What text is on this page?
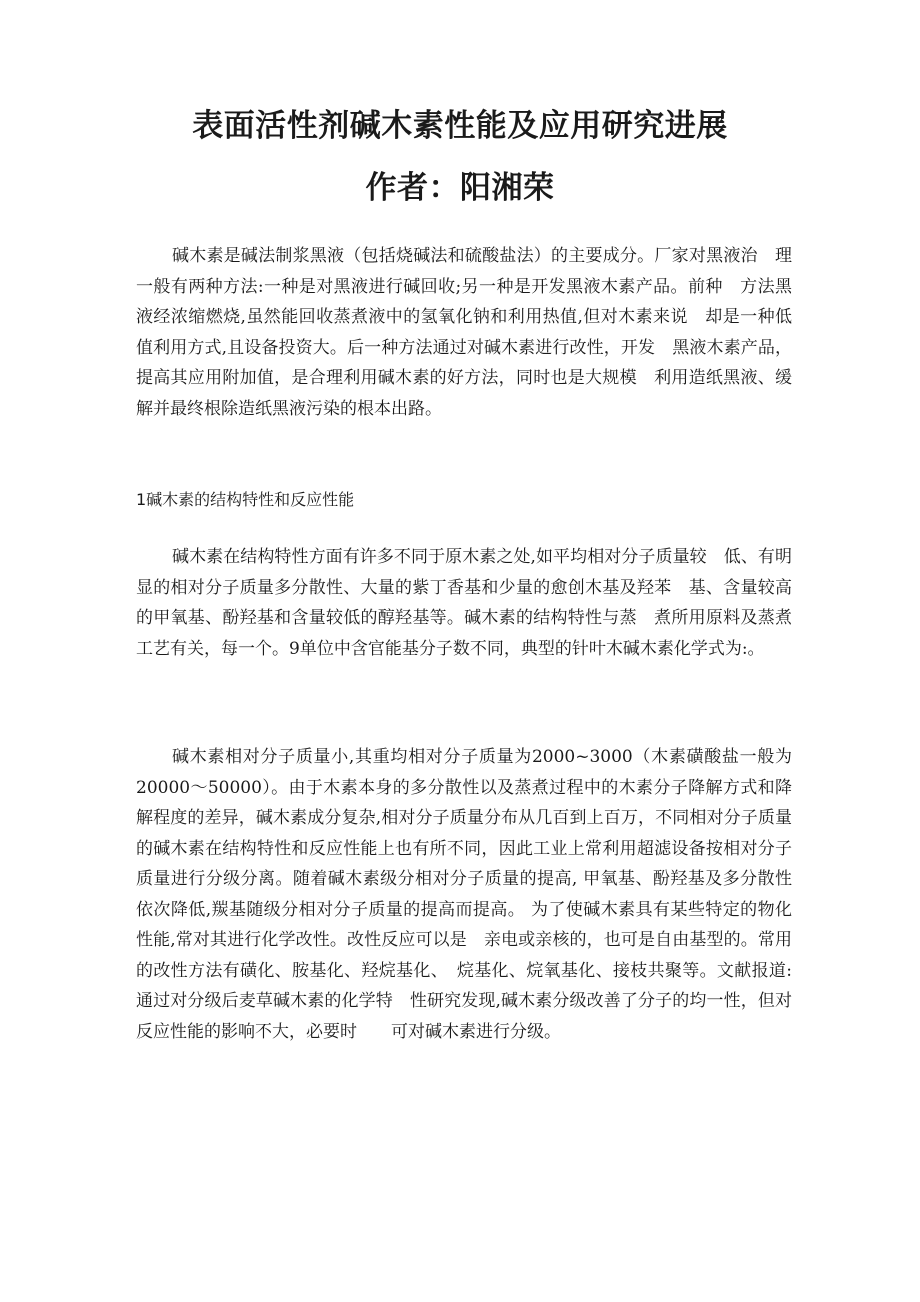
表面活性剂碱木素性能及应用研究进展
作者：阳湘荣

碱木素是碱法制浆黑液（包括烧碱法和硫酸盐法）的主要成分。厂家对黑液治　理一般有两种方法:一种是对黑液进行碱回收;另一种是开发黑液木素产品。前种　方法黑液经浓缩燃烧,虽然能回收蒸煮液中的氢氧化钠和利用热值,但对木素来说　却是一种低值利用方式,且设备投资大。后一种方法通过对碱木素进行改性，开发　黑液木素产品，提高其应用附加值，是合理利用碱木素的好方法，同时也是大规模　利用造纸黑液、缓解并最终根除造纸黑液污染的根本出路。

1碱木素的结构特性和反应性能

碱木素在结构特性方面有许多不同于原木素之处,如平均相对分子质量较　低、有明显的相对分子质量多分散性、大量的紫丁香基和少量的愈创木基及羟苯　基、含量较高的甲氧基、酚羟基和含量较低的醇羟基等。碱木素的结构特性与蒸　煮所用原料及蒸煮工艺有关，每一个。9单位中含官能基分子数不同，典型的针叶木碱木素化学式为:。

碱木素相对分子质量小,其重均相对分子质量为2000~3000（木素磺酸盐一般为20000〜50000）。由于木素本身的多分散性以及蒸煮过程中的木素分子降解方式和降解程度的差异，碱木素成分复杂,相对分子质量分布从几百到上百万，不同相对分子质量的碱木素在结构特性和反应性能上也有所不同，因此工业上常利用超滤设备按相对分子质量进行分级分离。随着碱木素级分相对分子质量的提高, 甲氧基、酚羟基及多分散性依次降低,羰基随级分相对分子质量的提高而提高。 为了使碱木素具有某些特定的物化性能,常对其进行化学改性。改性反应可以是　亲电或亲核的，也可是自由基型的。常用的改性方法有磺化、胺基化、羟烷基化、　烷基化、烷氧基化、接枝共聚等。文献报道:通过对分级后麦草碱木素的化学特　性研究发现,碱木素分级改善了分子的均一性，但对反应性能的影响不大，必要时　　可对碱木素进行分级。
